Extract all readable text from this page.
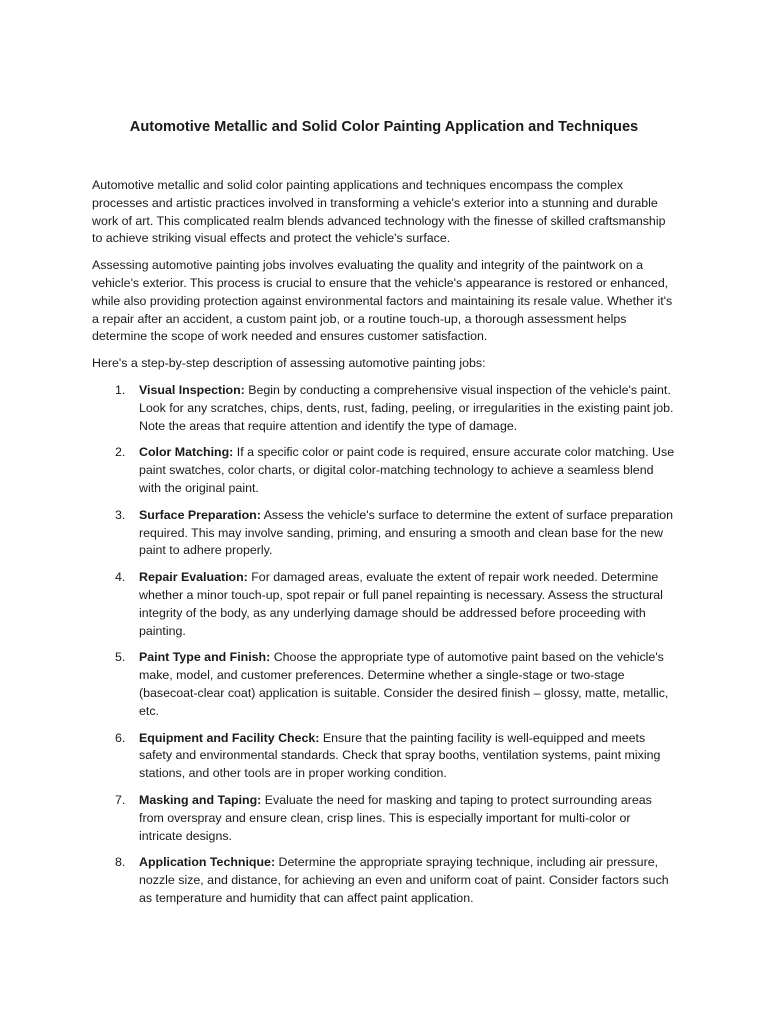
Automotive Metallic and Solid Color Painting Application and Techniques

Automotive metallic and solid color painting applications and techniques encompass the complex processes and artistic practices involved in transforming a vehicle's exterior into a stunning and durable work of art. This complicated realm blends advanced technology with the finesse of skilled craftsmanship to achieve striking visual effects and protect the vehicle's surface.

Assessing automotive painting jobs involves evaluating the quality and integrity of the paintwork on a vehicle's exterior. This process is crucial to ensure that the vehicle's appearance is restored or enhanced, while also providing protection against environmental factors and maintaining its resale value. Whether it's a repair after an accident, a custom paint job, or a routine touch-up, a thorough assessment helps determine the scope of work needed and ensures customer satisfaction.

Here's a step-by-step description of assessing automotive painting jobs:

1. Visual Inspection: Begin by conducting a comprehensive visual inspection of the vehicle's paint. Look for any scratches, chips, dents, rust, fading, peeling, or irregularities in the existing paint job. Note the areas that require attention and identify the type of damage.
2. Color Matching: If a specific color or paint code is required, ensure accurate color matching. Use paint swatches, color charts, or digital color-matching technology to achieve a seamless blend with the original paint.
3. Surface Preparation: Assess the vehicle's surface to determine the extent of surface preparation required. This may involve sanding, priming, and ensuring a smooth and clean base for the new paint to adhere properly.
4. Repair Evaluation: For damaged areas, evaluate the extent of repair work needed. Determine whether a minor touch-up, spot repair or full panel repainting is necessary. Assess the structural integrity of the body, as any underlying damage should be addressed before proceeding with painting.
5. Paint Type and Finish: Choose the appropriate type of automotive paint based on the vehicle's make, model, and customer preferences. Determine whether a single-stage or two-stage (basecoat-clear coat) application is suitable. Consider the desired finish – glossy, matte, metallic, etc.
6. Equipment and Facility Check: Ensure that the painting facility is well-equipped and meets safety and environmental standards. Check that spray booths, ventilation systems, paint mixing stations, and other tools are in proper working condition.
7. Masking and Taping: Evaluate the need for masking and taping to protect surrounding areas from overspray and ensure clean, crisp lines. This is especially important for multi-color or intricate designs.
8. Application Technique: Determine the appropriate spraying technique, including air pressure, nozzle size, and distance, for achieving an even and uniform coat of paint. Consider factors such as temperature and humidity that can affect paint application.
